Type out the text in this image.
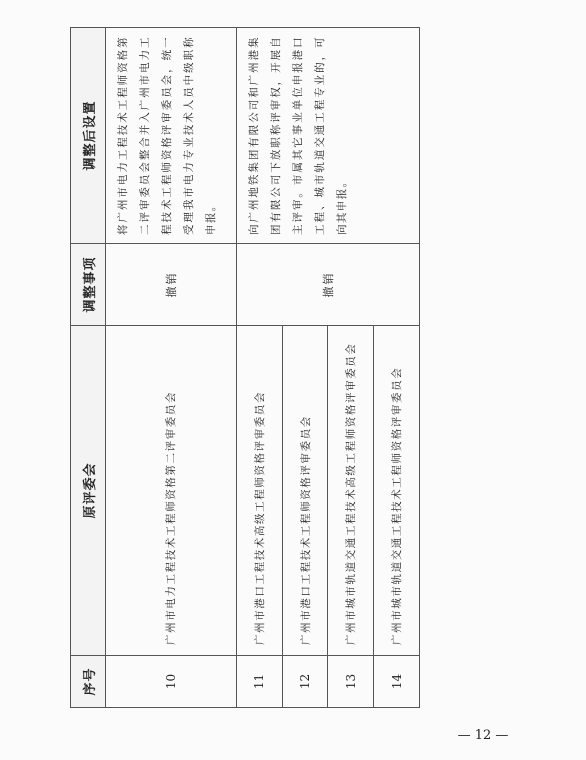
序号	原评委会	调整事项	调整后设置
10	广州市电力工程技术工程师资格第二评审委员会	撤销	将广州市电力工程技术工程师资格第二评审委员会整合并入广州市电力工程技术工程师资格评审委员会，统一受理我市电力专业技术人员中级职称申报。
11	广州市港口工程技术高级工程师资格评审委员会	撤销	向广州地铁集团有限公司和广州港集团有限公司下放职称评审权，开展自主评审。市属其它事业单位申报港口工程、城市轨道交通工程专业的，可向其申报。
12	广州市港口工程技术工程师资格评审委员会		
13	广州市城市轨道交通工程技术高级工程师资格评审委员会		
14	广州市城市轨道交通工程技术工程师资格评审委员会		
— 12 —
